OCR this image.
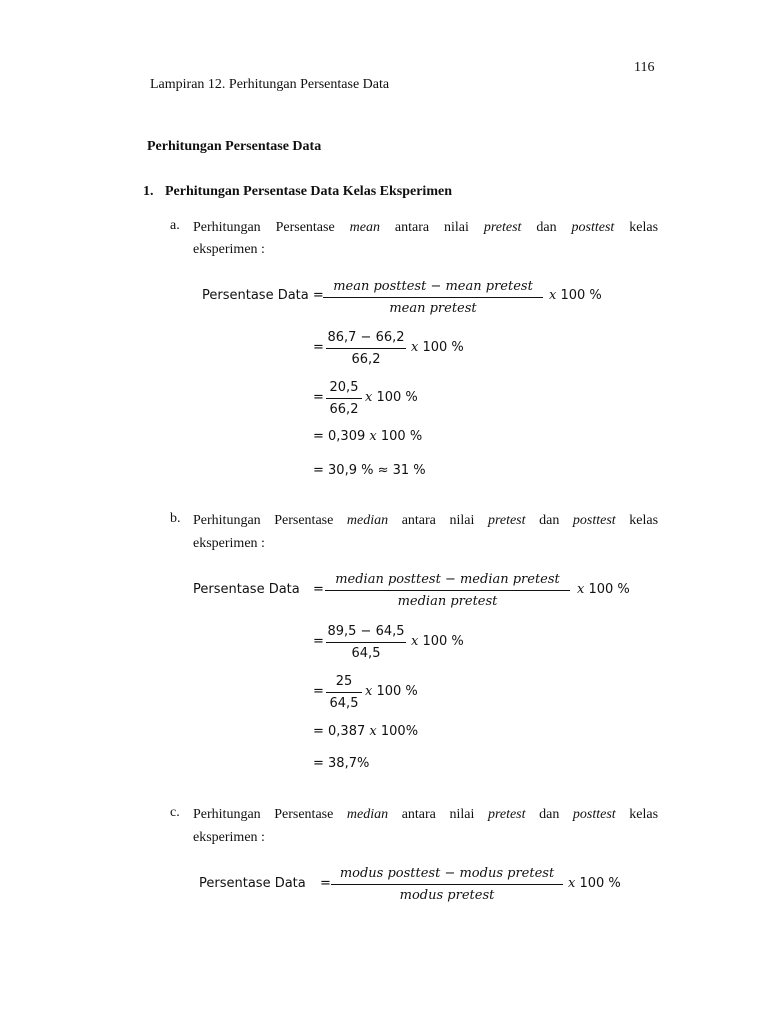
116
Lampiran 12. Perhitungan Persentase Data
Perhitungan Persentase Data
1. Perhitungan Persentase Data Kelas Eksperimen
a. Perhitungan Persentase mean antara nilai pretest dan posttest kelas
eksperimen :
Persentase Data =
mean posttest − mean pretest
mean pretest
x 100 %
= $\frac{86,7 - 66,2}{66,2}$ x 100 %
= $\frac{20,5}{66,2}$ x 100 %
= 0,309 x 100 %
= 30,9 % ≈ 31 %
b. Perhitungan Persentase median antara nilai pretest dan posttest kelas
eksperimen :
Persentase Data =
median posttest − median pretest
median pretest
x 100 %
= $\frac{89,5 - 64,5}{64,5}$ x 100 %
= $\frac{25}{64,5}$ x 100 %
= 0,387 x 100%
= 38,7%
c. Perhitungan Persentase median antara nilai pretest dan posttest kelas
eksperimen :
Persentase Data =
modus posttest − modus pretest
modus pretest
x 100 %
